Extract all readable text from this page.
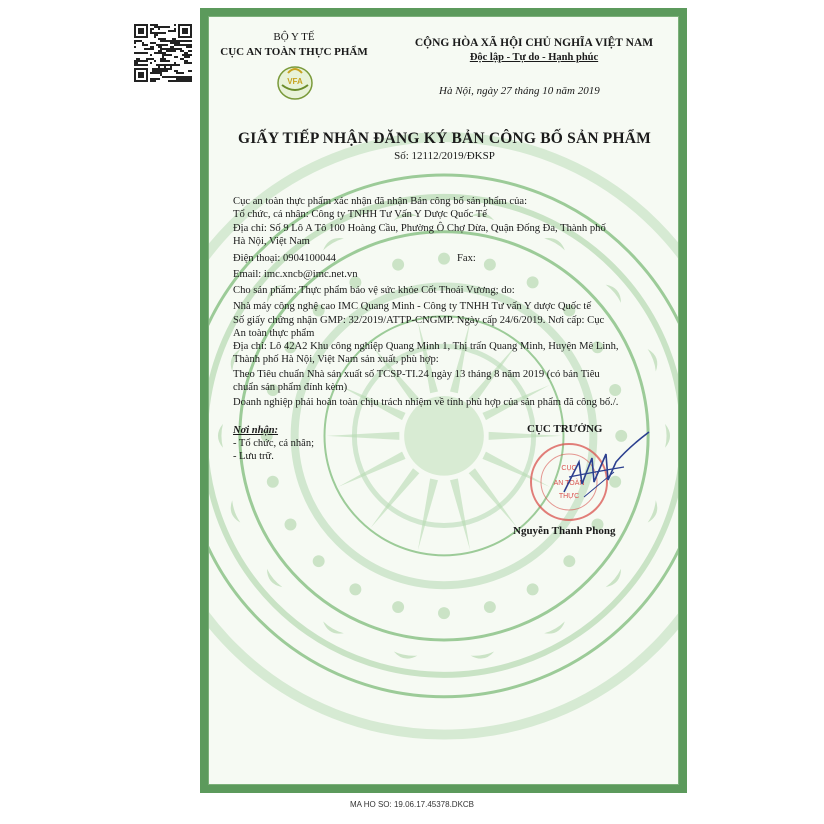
BỘ Y TẾ
CỤC AN TOÀN THỰC PHẨM
VFA
CỘNG HÒA XÃ HỘI CHỦ NGHĨA VIỆT NAM
Độc lập - Tự do - Hạnh phúc
Hà Nội, ngày 27 tháng 10 năm 2019
GIẤY TIẾP NHẬN ĐĂNG KÝ BẢN CÔNG BỐ SẢN PHẨM
Số: 12112/2019/ĐKSP
Cục an toàn thực phẩm xác nhận đã nhận Bản công bố sản phẩm của:
Tổ chức, cá nhân: Công ty TNHH Tư Vấn Y Dược Quốc Tế
Địa chỉ: Số 9 Lô A Tô 100 Hoàng Cầu, Phường Ô Chợ Dừa, Quận Đống Đa, Thành phố
Hà Nội, Việt Nam
Điện thoại: 0904100044	Fax:
Email: imc.xncb@imc.net.vn
Cho sản phẩm: Thực phẩm bảo vệ sức khỏe Cốt Thoái Vương; do:
Nhà máy công nghệ cao IMC Quang Minh - Công ty TNHH Tư vấn Y dược Quốc tế
Số giấy chứng nhận GMP: 32/2019/ATTP-CNGMP. Ngày cấp 24/6/2019. Nơi cấp: Cục
An toàn thực phẩm
Địa chỉ: Lô 42A2 Khu công nghiệp Quang Minh 1, Thị trấn Quang Minh, Huyện Mê Linh,
Thành phố Hà Nội, Việt Nam sản xuất, phù hợp:
Theo Tiêu chuẩn Nhà sản xuất số TCSP-TI.24 ngày 13 tháng 8 năm 2019 (có bản Tiêu
chuẩn sản phẩm đính kèm)
Doanh nghiệp phải hoàn toàn chịu trách nhiệm về tính phù hợp của sản phẩm đã công bố./.
Nơi nhận:
- Tổ chức, cá nhân;
- Lưu trữ.
CỤC TRƯỞNG
CỤC
AN TOÀN
THỰC
Nguyễn Thanh Phong
MA HO SO: 19.06.17.45378.DKCB
